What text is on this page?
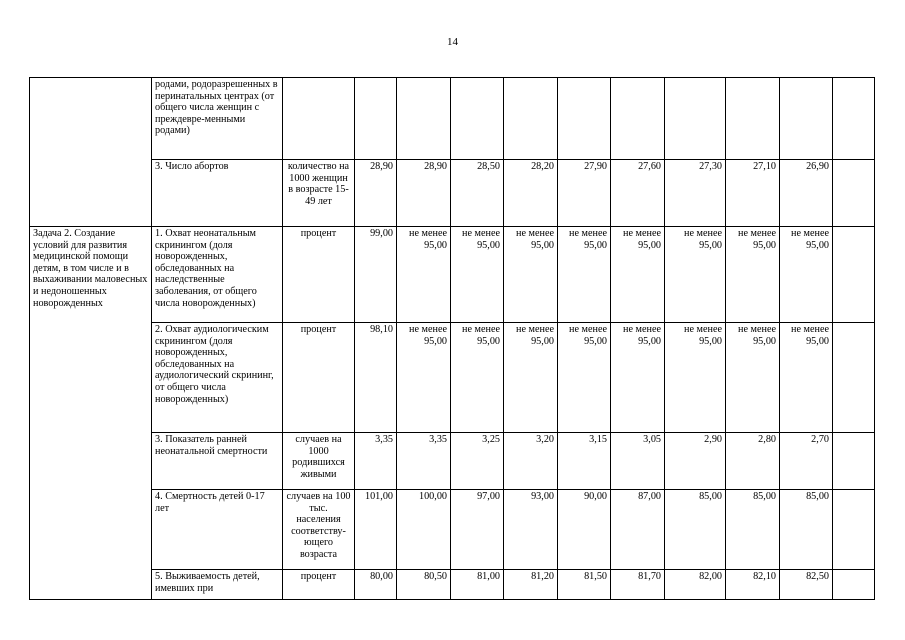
14
	родами, родоразрешенных в перинатальных центрах (от общего числа женщин с преждевре-менными родами)											
	3. Число абортов	количество на 1000 женщин в возрасте 15-49 лет	28,90	28,90	28,50	28,20	27,90	27,60	27,30	27,10	26,90	
Задача 2. Создание условий для развития медицинской помощи детям, в том числе и в выхаживании маловесных и недоношенных новорожденных	1. Охват неонатальным скринингом (доля новорожденных, обследованных на наследственные заболевания, от общего числа новорожденных)	процент	99,00	не менее 95,00	не менее 95,00	не менее 95,00	не менее 95,00	не менее 95,00	не менее 95,00	не менее 95,00	не менее 95,00	
	2. Охват аудиологическим скринингом (доля новорожденных, обследованных на аудиологический скрининг, от общего числа новорожденных)	процент	98,10	не менее 95,00	не менее 95,00	не менее 95,00	не менее 95,00	не менее 95,00	не менее 95,00	не менее 95,00	не менее 95,00	
	3. Показатель ранней неонатальной смертности	случаев на 1000 родившихся живыми	3,35	3,35	3,25	3,20	3,15	3,05	2,90	2,80	2,70	
	4. Смертность детей 0-17 лет	случаев на 100 тыс. населения соответству-ющего возраста	101,00	100,00	97,00	93,00	90,00	87,00	85,00	85,00	85,00	
	5. Выживаемость детей, имевших при	процент	80,00	80,50	81,00	81,20	81,50	81,70	82,00	82,10	82,50	
